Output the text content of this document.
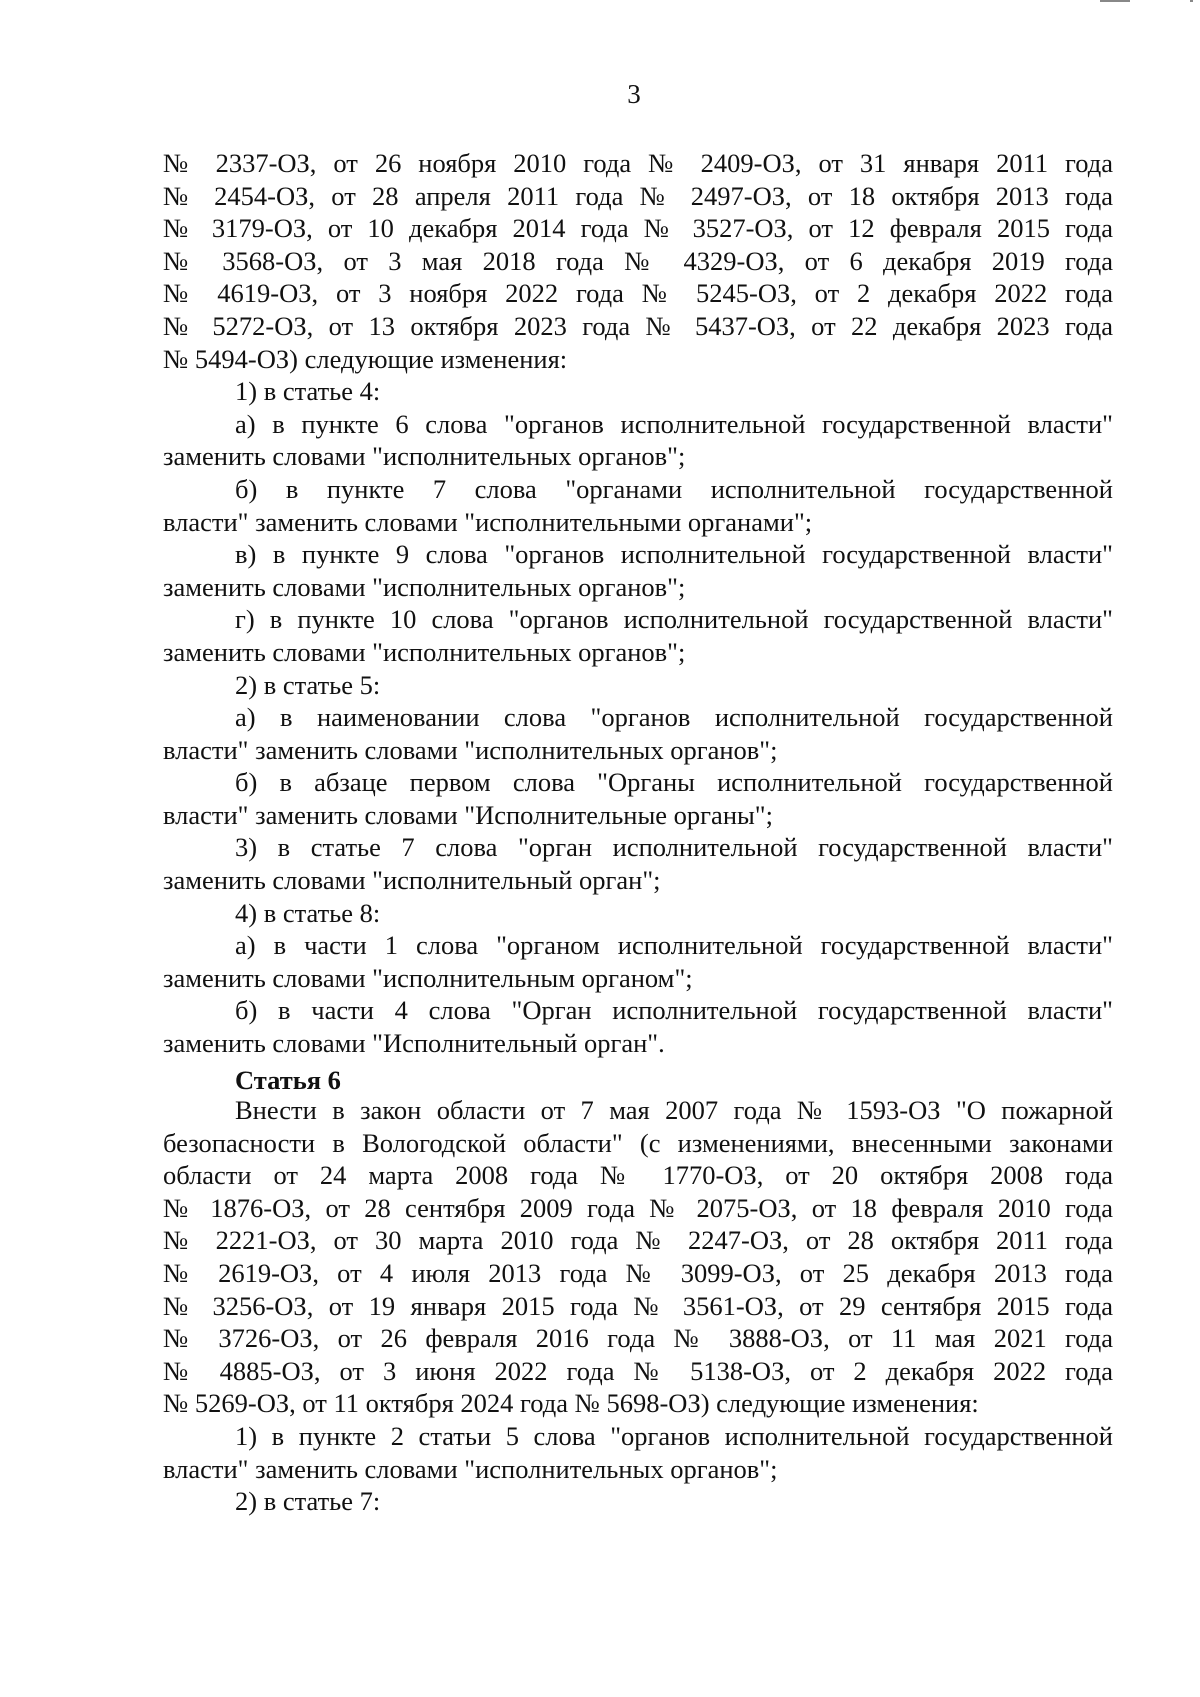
3
№ 2337-ОЗ, от 26 ноября 2010 года № 2409-ОЗ, от 31 января 2011 года
№ 2454-ОЗ, от 28 апреля 2011 года № 2497-ОЗ, от 18 октября 2013 года
№ 3179-ОЗ, от 10 декабря 2014 года № 3527-ОЗ, от 12 февраля 2015 года
№ 3568-ОЗ, от 3 мая 2018 года № 4329-ОЗ, от 6 декабря 2019 года
№ 4619-ОЗ, от 3 ноября 2022 года № 5245-ОЗ, от 2 декабря 2022 года
№ 5272-ОЗ, от 13 октября 2023 года № 5437-ОЗ, от 22 декабря 2023 года
№ 5494-ОЗ) следующие изменения:
1) в статье 4:
а) в пункте 6 слова "органов исполнительной государственной власти"
заменить словами "исполнительных органов";
б) в пункте 7 слова "органами исполнительной государственной
власти" заменить словами "исполнительными органами";
в) в пункте 9 слова "органов исполнительной государственной власти"
заменить словами "исполнительных органов";
г) в пункте 10 слова "органов исполнительной государственной власти"
заменить словами "исполнительных органов";
2) в статье 5:
а) в наименовании слова "органов исполнительной государственной
власти" заменить словами "исполнительных органов";
б) в абзаце первом слова "Органы исполнительной государственной
власти" заменить словами "Исполнительные органы";
3) в статье 7 слова "орган исполнительной государственной власти"
заменить словами "исполнительный орган";
4) в статье 8:
а) в части 1 слова "органом исполнительной государственной власти"
заменить словами "исполнительным органом";
б) в части 4 слова "Орган исполнительной государственной власти"
заменить словами "Исполнительный орган".
Статья 6
Внести в закон области от 7 мая 2007 года № 1593-ОЗ "О пожарной
безопасности в Вологодской области" (с изменениями, внесенными законами
области от 24 марта 2008 года № 1770-ОЗ, от 20 октября 2008 года
№ 1876-ОЗ, от 28 сентября 2009 года № 2075-ОЗ, от 18 февраля 2010 года
№ 2221-ОЗ, от 30 марта 2010 года № 2247-ОЗ, от 28 октября 2011 года
№ 2619-ОЗ, от 4 июля 2013 года № 3099-ОЗ, от 25 декабря 2013 года
№ 3256-ОЗ, от 19 января 2015 года № 3561-ОЗ, от 29 сентября 2015 года
№ 3726-ОЗ, от 26 февраля 2016 года № 3888-ОЗ, от 11 мая 2021 года
№ 4885-ОЗ, от 3 июня 2022 года № 5138-ОЗ, от 2 декабря 2022 года
№ 5269-ОЗ, от 11 октября 2024 года № 5698-ОЗ) следующие изменения:
1) в пункте 2 статьи 5 слова "органов исполнительной государственной
власти" заменить словами "исполнительных органов";
2) в статье 7:
